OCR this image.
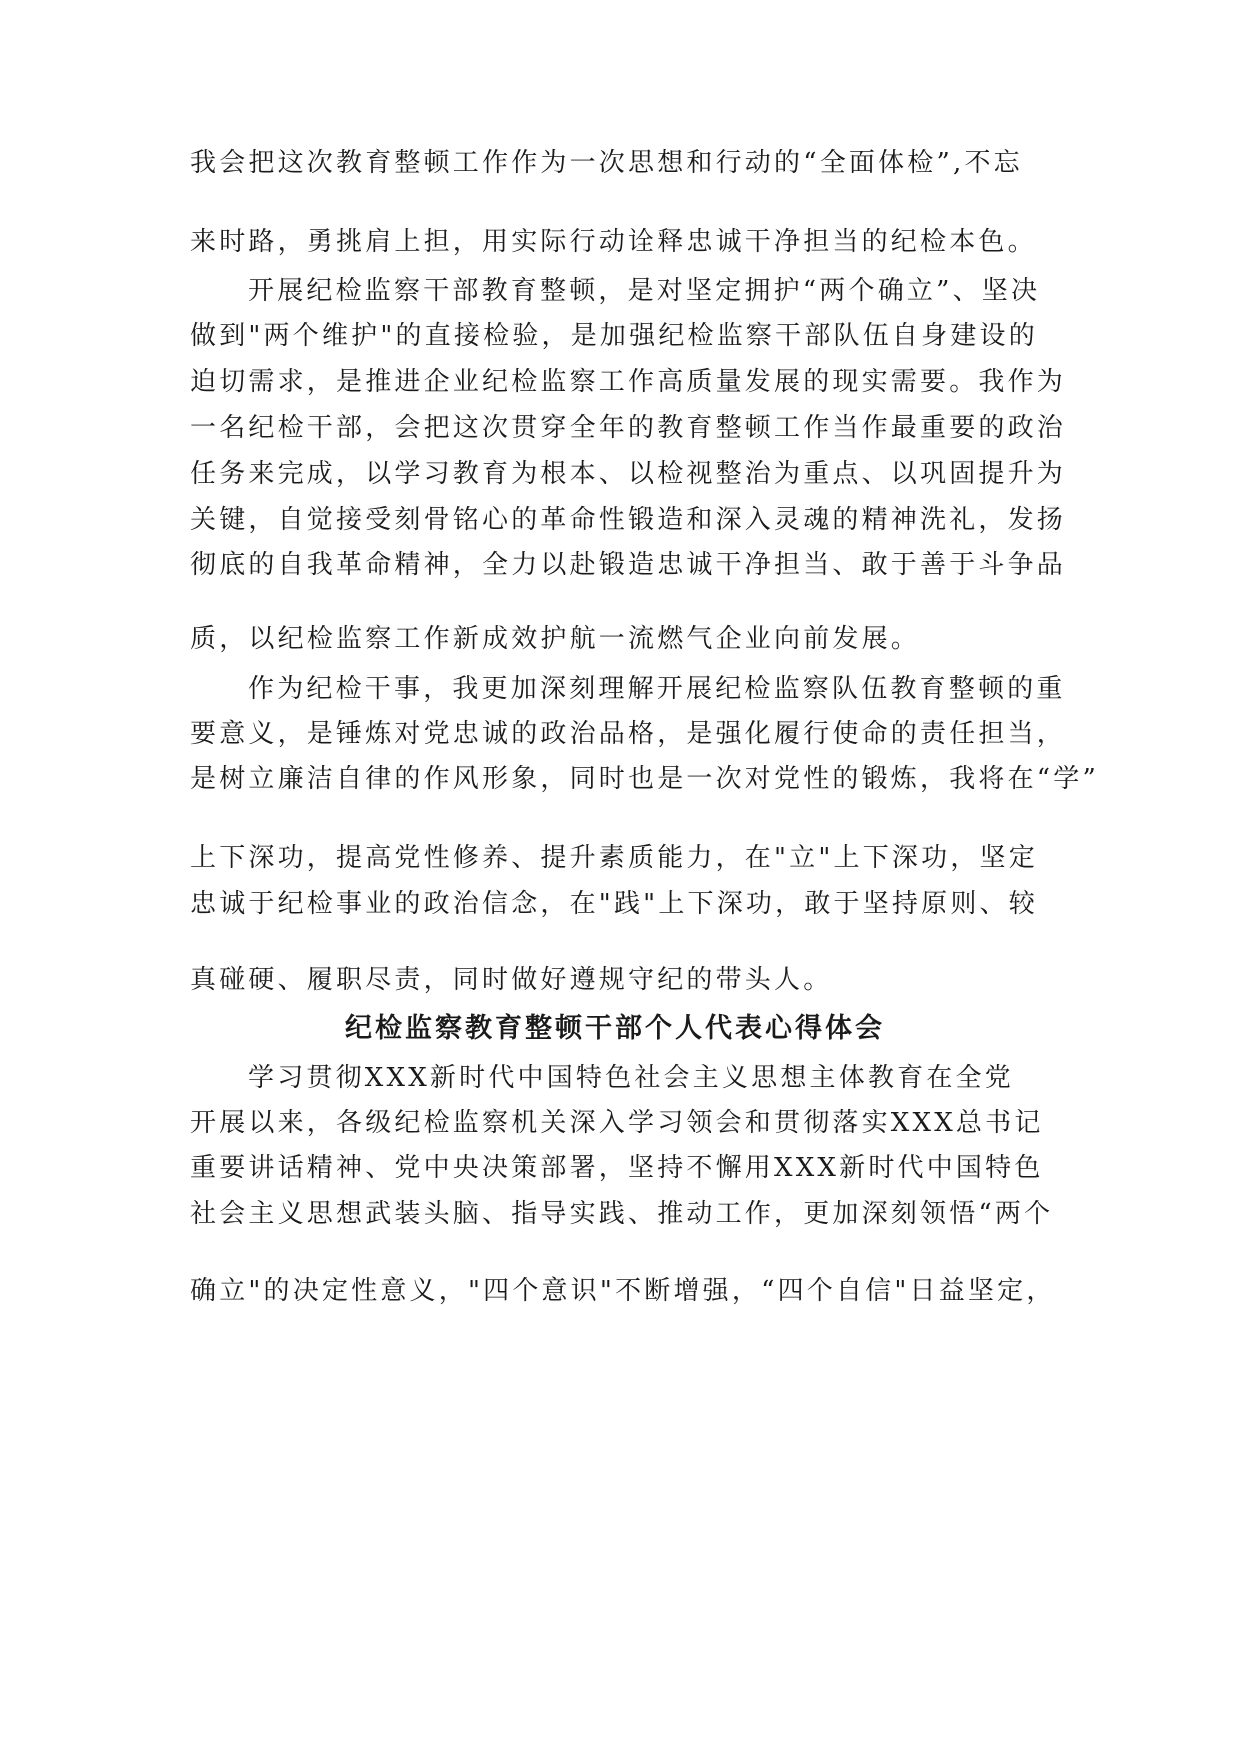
我会把这次教育整顿工作作为一次思想和行动的“全面体检”,不忘
来时路，勇挑肩上担，用实际行动诠释忠诚干净担当的纪检本色。
开展纪检监察干部教育整顿，是对坚定拥护“两个确立”、坚决
做到"两个维护"的直接检验，是加强纪检监察干部队伍自身建设的
迫切需求，是推进企业纪检监察工作高质量发展的现实需要。我作为
一名纪检干部，会把这次贯穿全年的教育整顿工作当作最重要的政治
任务来完成，以学习教育为根本、以检视整治为重点、以巩固提升为
关键，自觉接受刻骨铭心的革命性锻造和深入灵魂的精神洗礼，发扬
彻底的自我革命精神，全力以赴锻造忠诚干净担当、敢于善于斗争品
质，以纪检监察工作新成效护航一流燃气企业向前发展。
作为纪检干事，我更加深刻理解开展纪检监察队伍教育整顿的重
要意义，是锤炼对党忠诚的政治品格，是强化履行使命的责任担当，
是树立廉洁自律的作风形象，同时也是一次对党性的锻炼，我将在“学”
上下深功，提高党性修养、提升素质能力，在"立"上下深功，坚定
忠诚于纪检事业的政治信念，在"践"上下深功，敢于坚持原则、较
真碰硬、履职尽责，同时做好遵规守纪的带头人。
纪检监察教育整顿干部个人代表心得体会
学习贯彻XXX新时代中国特色社会主义思想主体教育在全党
开展以来，各级纪检监察机关深入学习领会和贯彻落实XXX总书记
重要讲话精神、党中央决策部署，坚持不懈用XXX新时代中国特色
社会主义思想武装头脑、指导实践、推动工作，更加深刻领悟“两个
确立"的决定性意义，"四个意识"不断增强，“四个自信"日益坚定，
